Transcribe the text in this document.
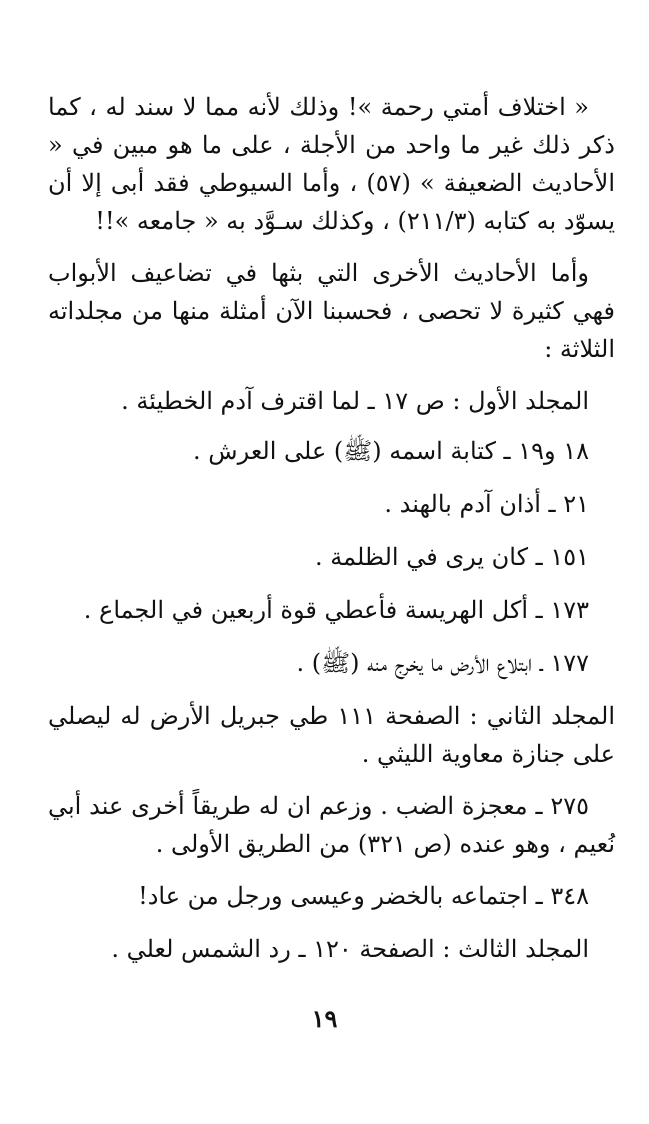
« اختلاف أمتي رحمة »! وذلك لأنه مما لا سند له ، كما ذكر ذلك غير ما واحد من الأجلة ، على ما هو مبين في « الأحاديث الضعيفة » (٥٧) ، وأما السيوطي فقد أبى إلا أن يسوّد به كتابه (٢١١/٣) ، وكذلك سـوَّد به « جامعه »!!

وأما الأحاديث الأخرى التي بثها في تضاعيف الأبواب فهي كثيرة لا تحصى ، فحسبنا الآن أمثلة منها من مجلداته الثلاثة :

المجلد الأول : ص ١٧ ـ لما اقترف آدم الخطيئة .
١٨ و١٩ ـ كتابة اسمه (ﷺ) على العرش .
٢١ ـ أذان آدم بالهند .
١٥١ ـ كان يرى في الظلمة .
١٧٣ ـ أكل الهريسة فأعطي قوة أربعين في الجماع .
١٧٧ ـ ابتلاع الأرض ما يخرج منه (ﷺ) .

المجلد الثاني : الصفحة ١١١ طي جبريل الأرض له ليصلي على جنازة معاوية الليثي .

٢٧٥ ـ معجزة الضب . وزعم ان له طريقاً أخرى عند أبي نُعيم ، وهو عنده (ص ٣٢١) من الطريق الأولى .

٣٤٨ ـ اجتماعه بالخضر وعيسى ورجل من عاد!
المجلد الثالث : الصفحة ١٢٠ ـ رد الشمس لعلي .
١٩
